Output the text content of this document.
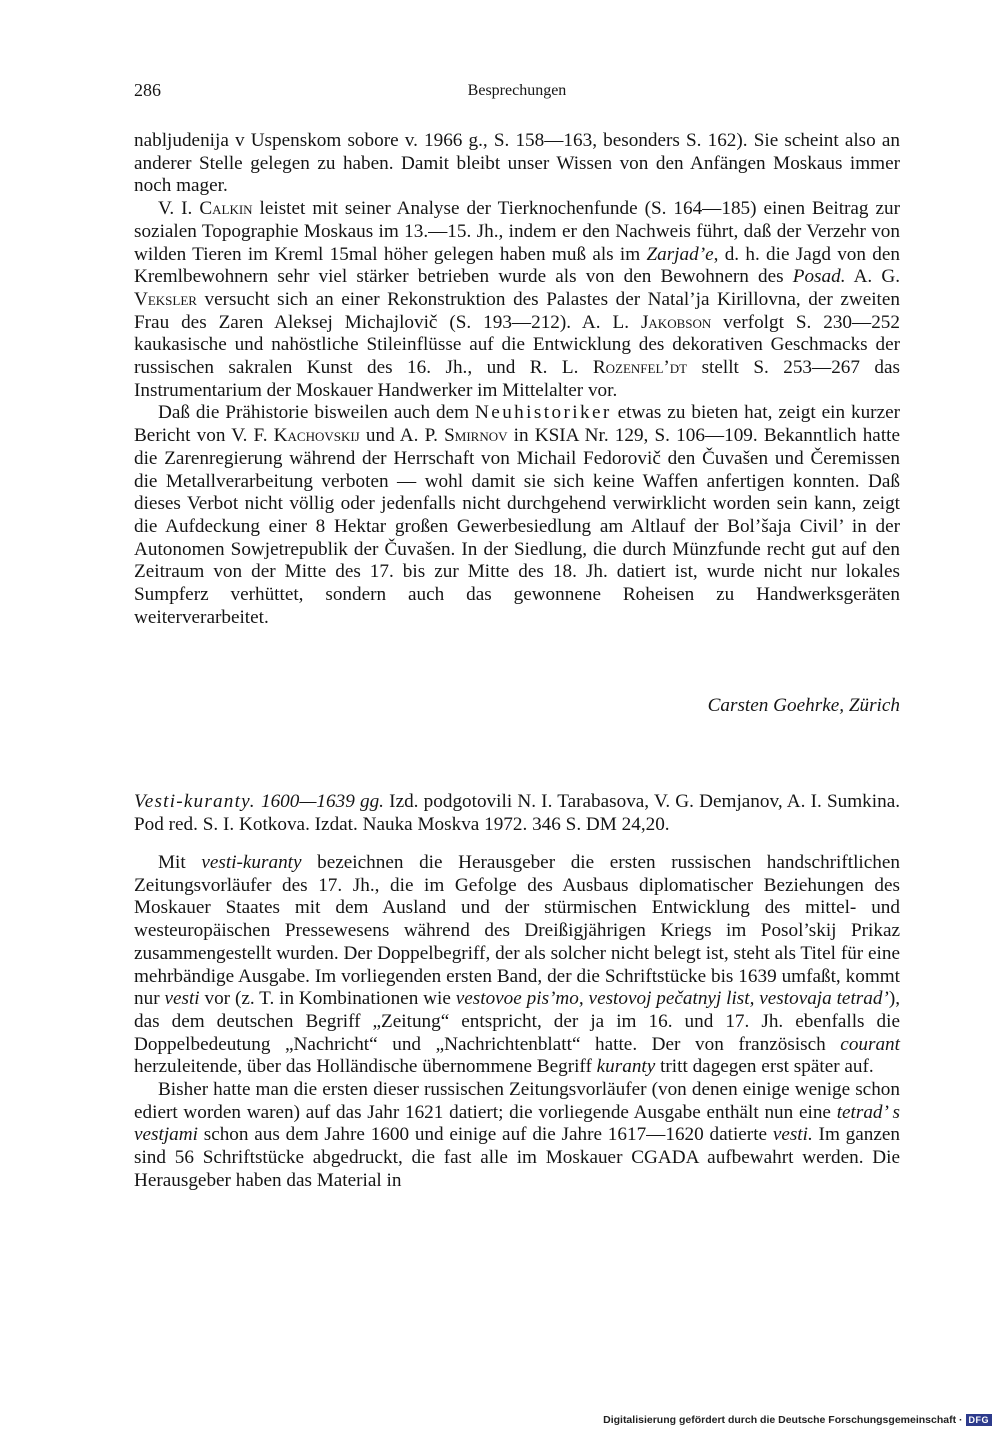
286	Besprechungen

nabljudenija v Uspenskom sobore v. 1966 g., S. 158—163, besonders S. 162). Sie scheint also an anderer Stelle gelegen zu haben. Damit bleibt unser Wissen von den Anfängen Moskaus immer noch mager.

V. I. Calkin leistet mit seiner Analyse der Tierknochenfunde (S. 164—185) einen Beitrag zur sozialen Topographie Moskaus im 13.—15. Jh., indem er den Nachweis führt, daß der Verzehr von wilden Tieren im Kreml 15mal höher gelegen haben muß als im Zarjad’e, d. h. die Jagd von den Kremlbewohnern sehr viel stärker betrieben wurde als von den Bewohnern des Posad. A. G. Veksler versucht sich an einer Rekonstruktion des Palastes der Natal’ja Kirillovna, der zweiten Frau des Zaren Aleksej Michajlovič (S. 193—212). A. L. Jakobson verfolgt S. 230—252 kaukasische und nahöstliche Stileinflüsse auf die Entwicklung des dekorativen Geschmacks der russischen sakralen Kunst des 16. Jh., und R. L. Rozenfel’dt stellt S. 253—267 das Instrumentarium der Moskauer Handwerker im Mittelalter vor.

Daß die Prähistorie bisweilen auch dem Neuhistoriker etwas zu bieten hat, zeigt ein kurzer Bericht von V. F. Kachovskij und A. P. Smirnov in KSIA Nr. 129, S. 106—109. Bekanntlich hatte die Zarenregierung während der Herrschaft von Michail Fedorovič den Čuvašen und Čeremissen die Metallverarbeitung verboten — wohl damit sie sich keine Waffen anfertigen konnten. Daß dieses Verbot nicht völlig oder jedenfalls nicht durchgehend verwirklicht worden sein kann, zeigt die Aufdeckung einer 8 Hektar großen Gewerbesiedlung am Altlauf der Bol’šaja Civil’ in der Autonomen Sowjetrepublik der Čuvašen. In der Siedlung, die durch Münzfunde recht gut auf den Zeitraum von der Mitte des 17. bis zur Mitte des 18. Jh. datiert ist, wurde nicht nur lokales Sumpferz verhüttet, sondern auch das gewonnene Roheisen zu Handwerksgeräten weiterverarbeitet.

Carsten Goehrke, Zürich
Vesti-kuranty. 1600—1639 gg. Izd. podgotovili N. I. Tarabasova, V. G. Demjanov, A. I. Sumkina. Pod red. S. I. Kotkova. Izdat. Nauka Moskva 1972. 346 S. DM 24,20.

Mit vesti-kuranty bezeichnen die Herausgeber die ersten russischen handschriftlichen Zeitungsvorläufer des 17. Jh., die im Gefolge des Ausbaus diplomatischer Beziehungen des Moskauer Staates mit dem Ausland und der stürmischen Entwicklung des mittel- und westeuropäischen Pressewesens während des Dreißigjährigen Kriegs im Posol’skij Prikaz zusammengestellt wurden. Der Doppelbegriff, der als solcher nicht belegt ist, steht als Titel für eine mehrbändige Ausgabe. Im vorliegenden ersten Band, der die Schriftstücke bis 1639 umfaßt, kommt nur vesti vor (z. T. in Kombinationen wie vestovoe pis’mo, vestovoj pečatnyj list, vestovaja tetrad’), das dem deutschen Begriff „Zeitung“ entspricht, der ja im 16. und 17. Jh. ebenfalls die Doppelbedeutung „Nachricht“ und „Nachrichtenblatt“ hatte. Der von französisch courant herzuleitende, über das Holländische übernommene Begriff kuranty tritt dagegen erst später auf.

Bisher hatte man die ersten dieser russischen Zeitungsvorläufer (von denen einige wenige schon ediert worden waren) auf das Jahr 1621 datiert; die vorliegende Ausgabe enthält nun eine tetrad’ s vestjami schon aus dem Jahre 1600 und einige auf die Jahre 1617—1620 datierte vesti. Im ganzen sind 56 Schriftstücke abgedruckt, die fast alle im Moskauer CGADA aufbewahrt werden. Die Herausgeber haben das Material in

Digitalisierung gefördert durch die Deutsche Forschungsgemeinschaft · DFG
